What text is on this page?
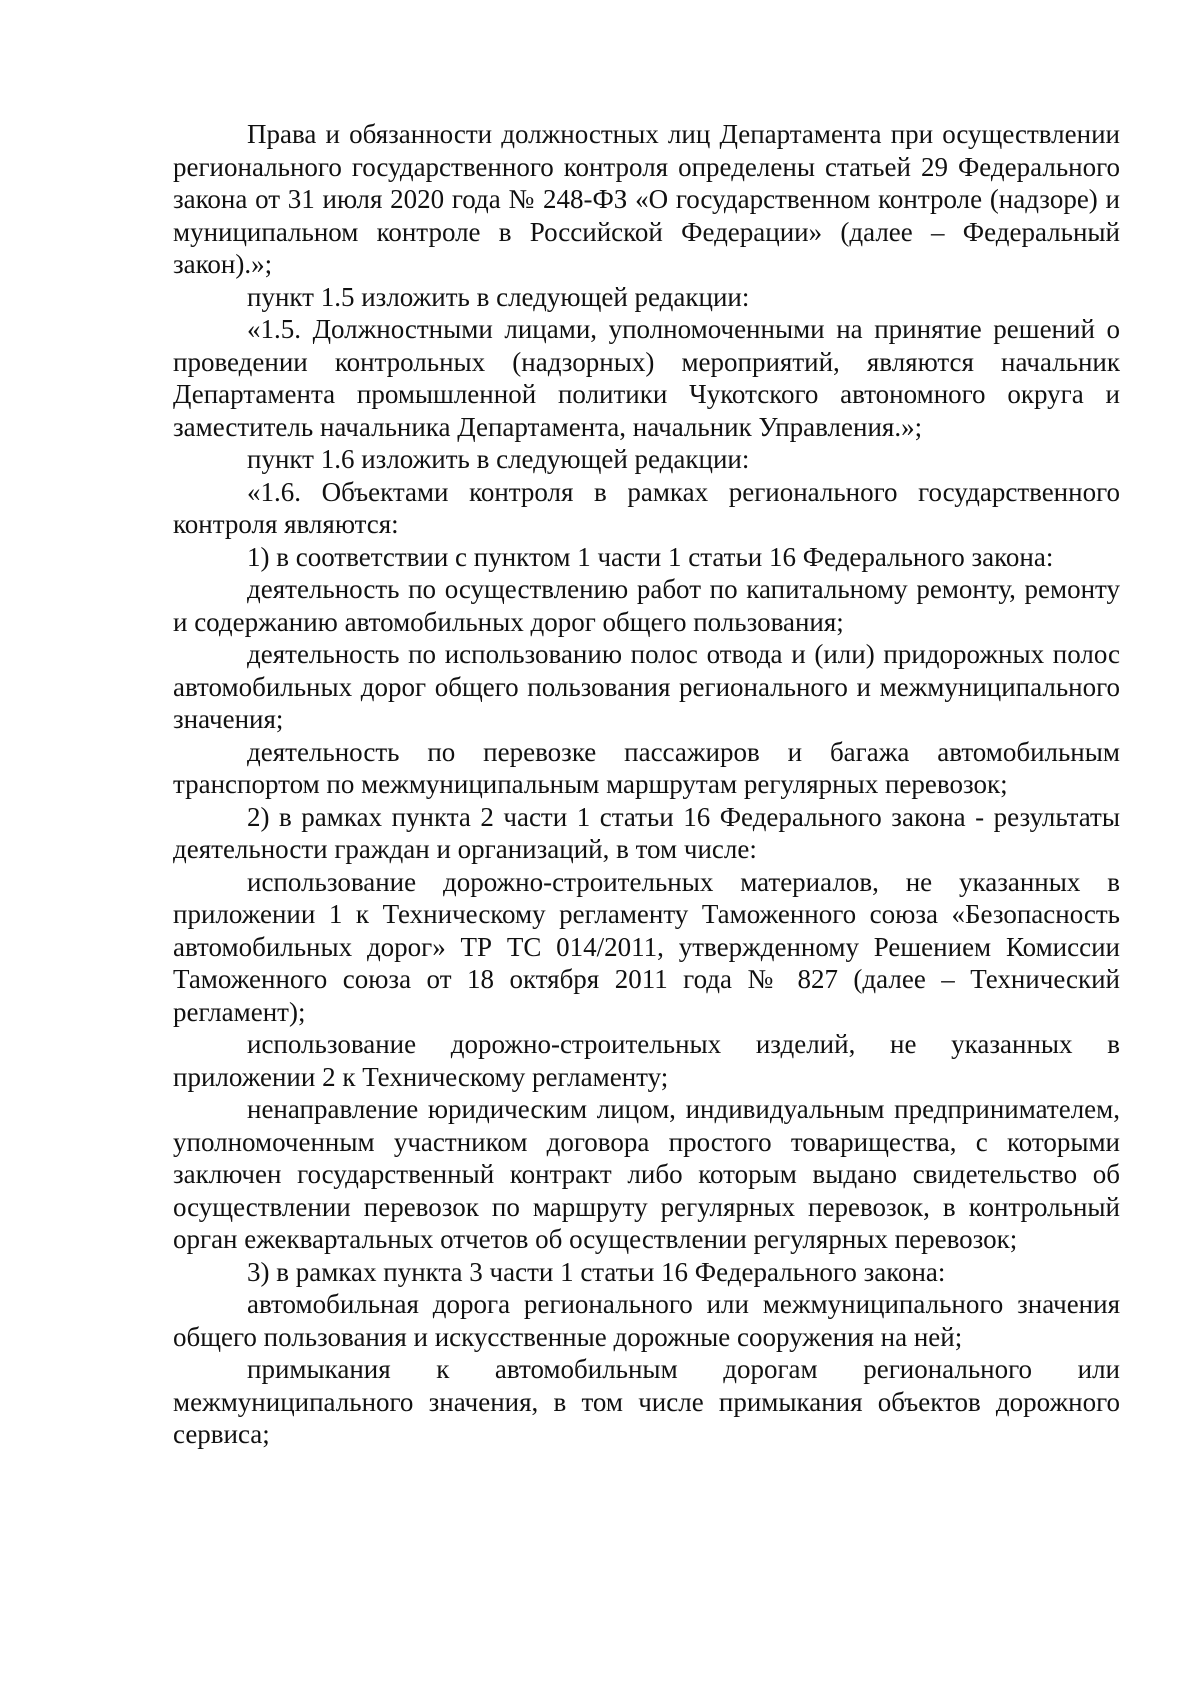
Права и обязанности должностных лиц Департамента при осуществлении регионального государственного контроля определены статьей 29 Федерального закона от 31 июля 2020 года № 248-ФЗ «О государственном контроле (надзоре) и муниципальном контроле в Российской Федерации» (далее – Федеральный закон).»;

пункт 1.5 изложить в следующей редакции:

«1.5. Должностными лицами, уполномоченными на принятие решений о проведении контрольных (надзорных) мероприятий, являются начальник Департамента промышленной политики Чукотского автономного округа и заместитель начальника Департамента, начальник Управления.»;

пункт 1.6 изложить в следующей редакции:

«1.6. Объектами контроля в рамках регионального государственного контроля являются:

1) в соответствии с пунктом 1 части 1 статьи 16 Федерального закона:

деятельность по осуществлению работ по капитальному ремонту, ремонту и содержанию автомобильных дорог общего пользования;

деятельность по использованию полос отвода и (или) придорожных полос автомобильных дорог общего пользования регионального и межмуниципального значения;

деятельность по перевозке пассажиров и багажа автомобильным транспортом по межмуниципальным маршрутам регулярных перевозок;

2) в рамках пункта 2 части 1 статьи 16 Федерального закона - результаты деятельности граждан и организаций, в том числе:

использование дорожно-строительных материалов, не указанных в приложении 1 к Техническому регламенту Таможенного союза «Безопасность автомобильных дорог» ТР ТС 014/2011, утвержденному Решением Комиссии Таможенного союза от 18 октября 2011 года № 827 (далее – Технический регламент);

использование дорожно-строительных изделий, не указанных в приложении 2 к Техническому регламенту;

ненаправление юридическим лицом, индивидуальным предпринимателем, уполномоченным участником договора простого товарищества, с которыми заключен государственный контракт либо которым выдано свидетельство об осуществлении перевозок по маршруту регулярных перевозок, в контрольный орган ежеквартальных отчетов об осуществлении регулярных перевозок;

3) в рамках пункта 3 части 1 статьи 16 Федерального закона:

автомобильная дорога регионального или межмуниципального значения общего пользования и искусственные дорожные сооружения на ней;

примыкания к автомобильным дорогам регионального или межмуниципального значения, в том числе примыкания объектов дорожного сервиса;
